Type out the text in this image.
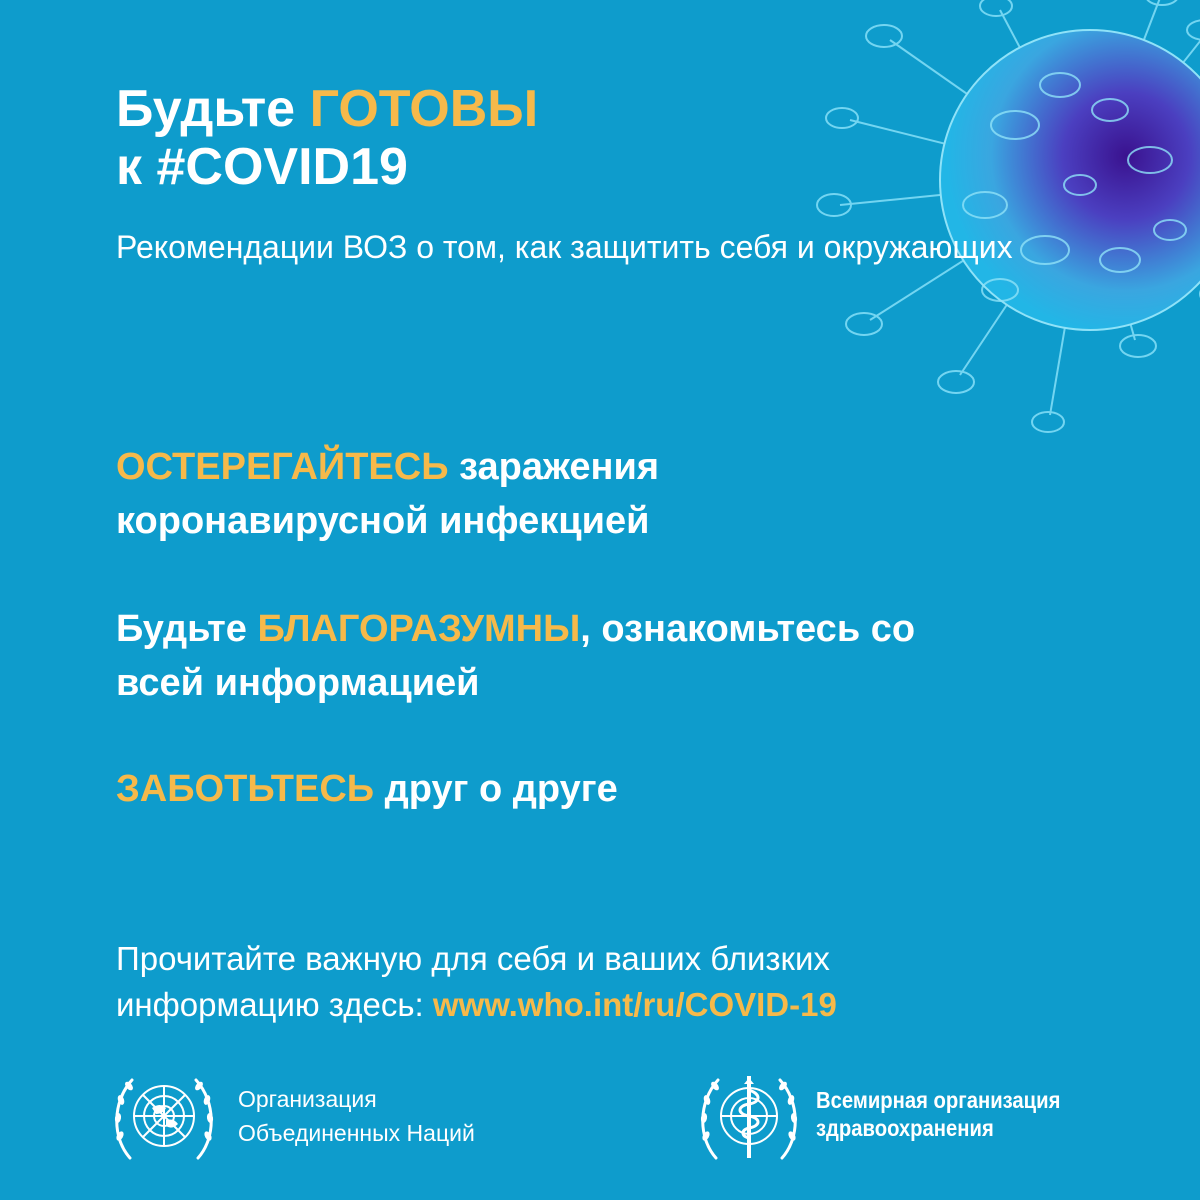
Будьте ГОТОВЫ
к #COVID19

Рекомендации ВОЗ о том, как защитить себя и окружающих

ОСТЕРЕГАЙТЕСЬ заражения
коронавирусной инфекцией

Будьте БЛАГОРАЗУМНЫ, ознакомьтесь со
всей информацией

ЗАБОТЬТЕСЬ друг о друге

Прочитайте важную для себя и ваших близких
информацию здесь: www.who.int/ru/COVID-19

Организация
Объединенных Наций
Всемирная организация
здравоохранения
